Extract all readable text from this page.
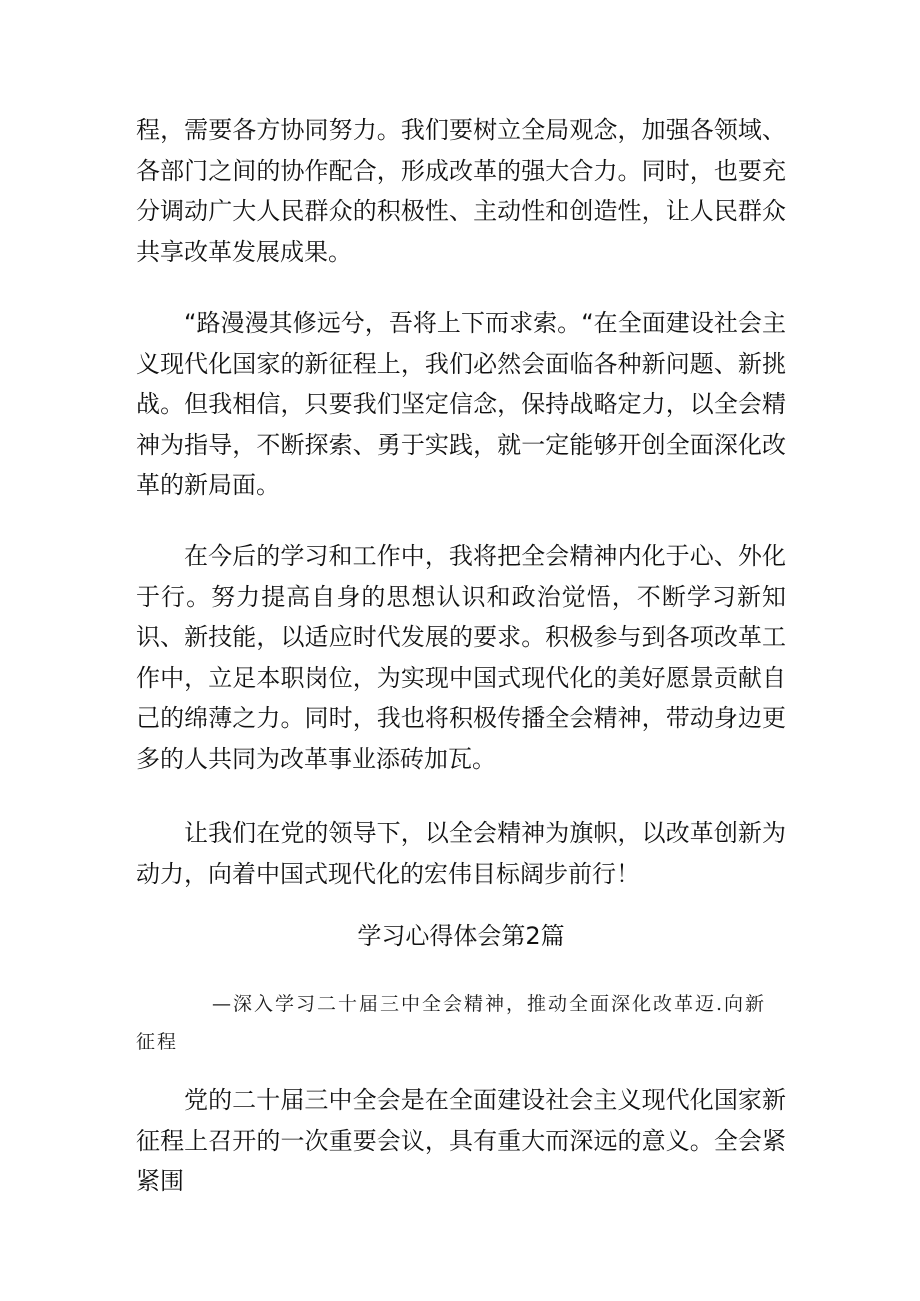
程，需要各方协同努力。我们要树立全局观念，加强各领域、各部门之间的协作配合，形成改革的强大合力。同时，也要充分调动广大人民群众的积极性、主动性和创造性，让人民群众共享改革发展成果。

“路漫漫其修远兮，吾将上下而求索。“在全面建设社会主义现代化国家的新征程上，我们必然会面临各种新问题、新挑战。但我相信，只要我们坚定信念，保持战略定力，以全会精神为指导，不断探索、勇于实践，就一定能够开创全面深化改革的新局面。

在今后的学习和工作中，我将把全会精神内化于心、外化于行。努力提高自身的思想认识和政治觉悟，不断学习新知识、新技能，以适应时代发展的要求。积极参与到各项改革工作中，立足本职岗位，为实现中国式现代化的美好愿景贡献自己的绵薄之力。同时，我也将积极传播全会精神，带动身边更多的人共同为改革事业添砖加瓦。

让我们在党的领导下，以全会精神为旗帜，以改革创新为动力，向着中国式现代化的宏伟目标阔步前行！

学习心得体会第2篇

—深入学习二十届三中全会精神，推动全面深化改革迈.向新征程

党的二十届三中全会是在全面建设社会主义现代化国家新征程上召开的一次重要会议，具有重大而深远的意义。全会紧紧围
